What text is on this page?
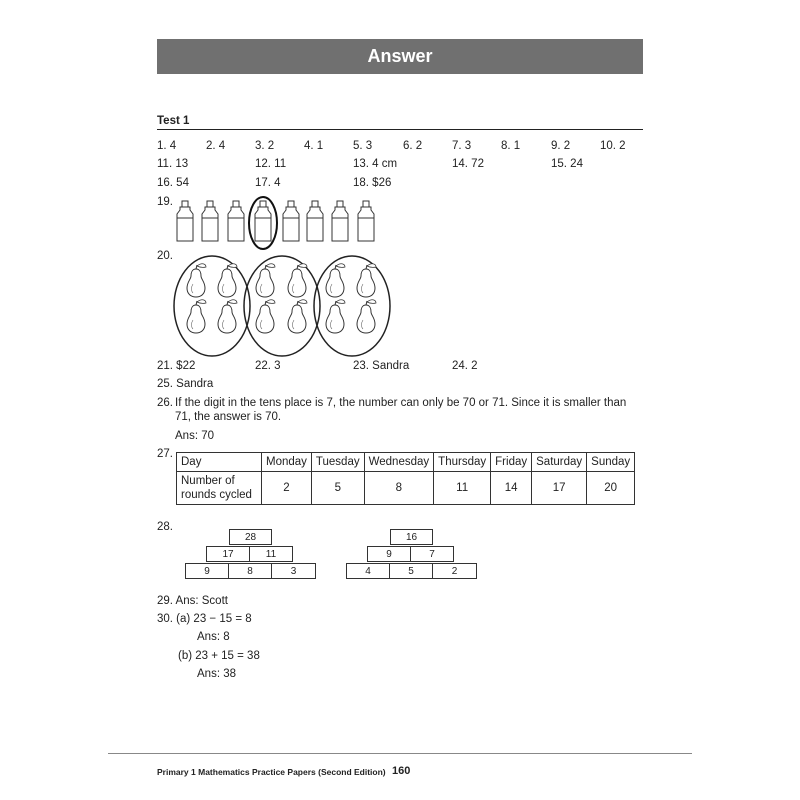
Answer
Test 1
1. 4	2. 4	3. 2	4. 1	5. 3	6. 2	7. 3	8. 1	9. 2	10. 2
11. 13	12. 11	13. 4 cm	14. 72	15. 24
16. 54	17. 4	18. $26
19.
20.
21. $22	22. 3	23. Sandra	24. 2
25. Sandra
26. If the digit in the tens place is 7, the number can only be 70 or 71. Since it is smaller than 71, the answer is 70.
Ans: 70
27.
Day	Monday	Tuesday	Wednesday	Thursday	Friday	Saturday	Sunday
Number of rounds cycled	2	5	8	11	14	17	20
28.
28
17	11
9	8	3
16
9	7
4	5	2
29. Ans: Scott
30. (a) 23 − 15 = 8
Ans: 8
(b) 23 + 15 = 38
Ans: 38
Primary 1 Mathematics Practice Papers (Second Edition) 160
